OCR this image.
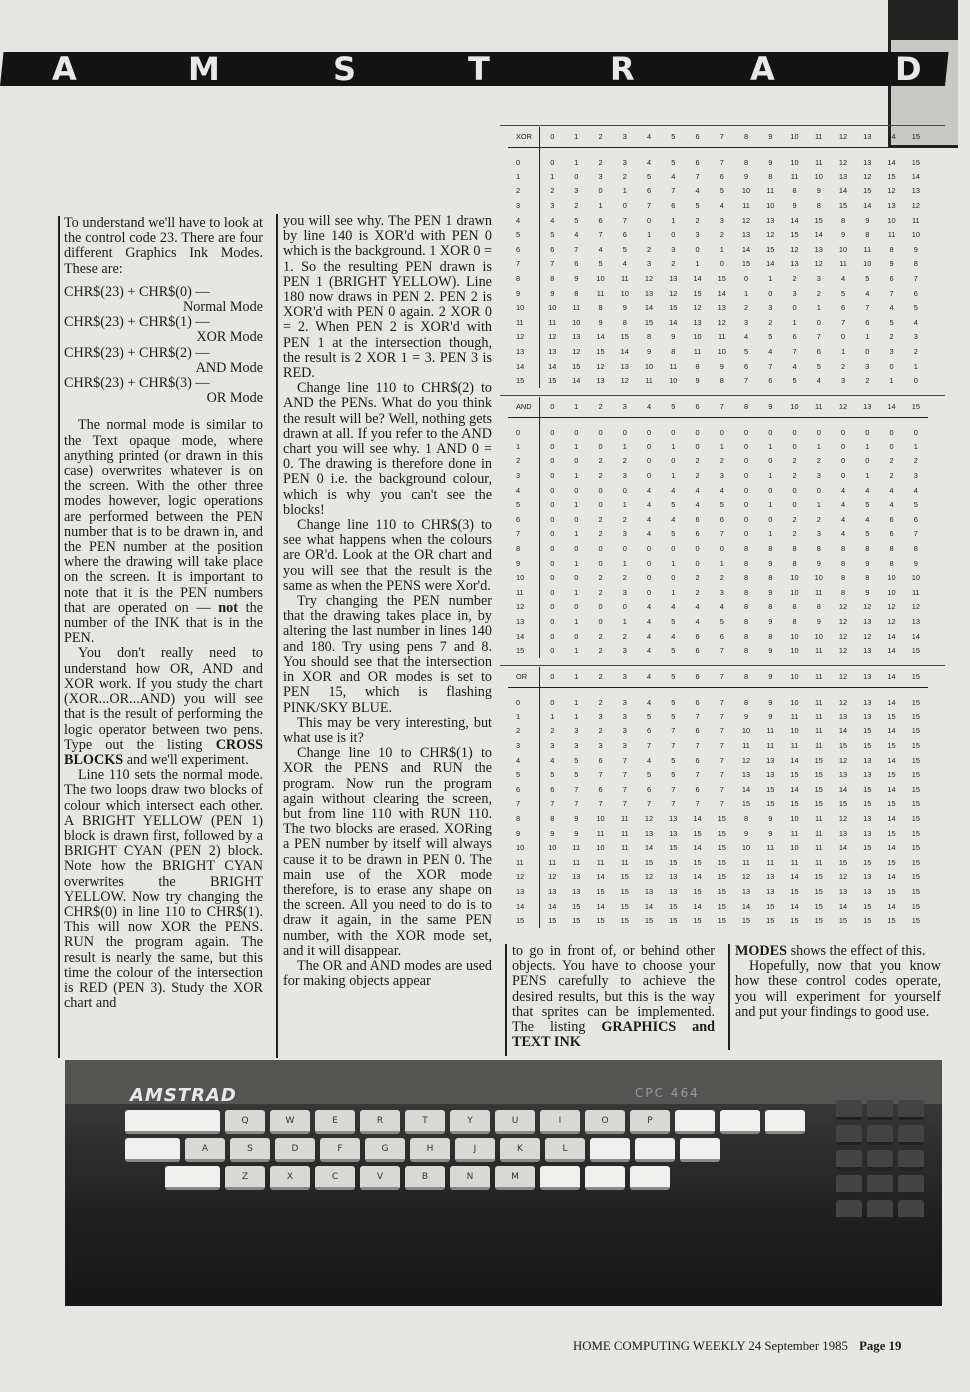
A	M	S	T	R	A	D

To understand we'll have to look at the control code 23. There are four different Graphics Ink Modes. These are:

CHR$(23) + CHR$(0) —
Normal Mode
CHR$(23) + CHR$(1) —
XOR Mode
CHR$(23) + CHR$(2) —
AND Mode
CHR$(23) + CHR$(3) —
OR Mode

The normal mode is similar to the Text opaque mode, where anything printed (or drawn in this case) overwrites whatever is on the screen. With the other three modes however, logic operations are performed between the PEN number that is to be drawn in, and the PEN number at the position where the drawing will take place on the screen. It is important to note that it is the PEN numbers that are operated on — not the number of the INK that is in the PEN.

You don't really need to understand how OR, AND and XOR work. If you study the chart (XOR...OR...AND) you will see that is the result of performing the logic operator between two pens. Type out the listing CROSS BLOCKS and we'll experiment.

Line 110 sets the normal mode. The two loops draw two blocks of colour which intersect each other. A BRIGHT YELLOW (PEN 1) block is drawn first, followed by a BRIGHT CYAN (PEN 2) block. Note how the BRIGHT CYAN overwrites the BRIGHT YELLOW. Now try changing the CHR$(0) in line 110 to CHR$(1). This will now XOR the PENS. RUN the program again. The result is nearly the same, but this time the colour of the intersection is RED (PEN 3). Study the XOR chart and

you will see why. The PEN 1 drawn by line 140 is XOR'd with PEN 0 which is the background. 1 XOR 0 = 1. So the resulting PEN drawn is PEN 1 (BRIGHT YELLOW). Line 180 now draws in PEN 2. PEN 2 is XOR'd with PEN 0 again. 2 XOR 0 = 2. When PEN 2 is XOR'd with PEN 1 at the intersection though, the result is 2 XOR 1 = 3. PEN 3 is RED.

Change line 110 to CHR$(2) to AND the PENs. What do you think the result will be? Well, nothing gets drawn at all. If you refer to the AND chart you will see why. 1 AND 0 = 0. The drawing is therefore done in PEN 0 i.e. the background colour, which is why you can't see the blocks!

Change line 110 to CHR$(3) to see what happens when the colours are OR'd. Look at the OR chart and you will see that the result is the same as when the PENS were Xor'd.

Try changing the PEN number that the drawing takes place in, by altering the last number in lines 140 and 180. Try using pens 7 and 8. You should see that the intersection in XOR and OR modes is set to PEN 15, which is flashing PINK/SKY BLUE.

This may be very interesting, but what use is it?

Change line 10 to CHR$(1) to XOR the PENS and RUN the program. Now run the program again without clearing the screen, but from line 110 with RUN 110. The two blocks are erased. XORing a PEN number by itself will always cause it to be drawn in PEN 0. The main use of the XOR mode therefore, is to erase any shape on the screen. All you need to do is to draw it again, in the same PEN number, with the XOR mode set, and it will disappear.

The OR and AND modes are used for making objects appear

XOR	0	1	2	3	4	5	6	7	8	9	10	11	12	13	14	15
0	0	1	2	3	4	5	6	7	8	9	10	11	12	13	14	15
1	1	0	3	2	5	4	7	6	9	8	11	10	13	12	15	14
2	2	3	0	1	6	7	4	5	10	11	8	9	14	15	12	13
3	3	2	1	0	7	6	5	4	11	10	9	8	15	14	13	12
4	4	5	6	7	0	1	2	3	12	13	14	15	8	9	10	11
5	5	4	7	6	1	0	3	2	13	12	15	14	9	8	11	10
6	6	7	4	5	2	3	0	1	14	15	12	13	10	11	8	9
7	7	6	5	4	3	2	1	0	15	14	13	12	11	10	9	8
8	8	9	10	11	12	13	14	15	0	1	2	3	4	5	6	7
9	9	8	11	10	13	12	15	14	1	0	3	2	5	4	7	6
10	10	11	8	9	14	15	12	13	2	3	0	1	6	7	4	5
11	11	10	9	8	15	14	13	12	3	2	1	0	7	6	5	4
12	12	13	14	15	8	9	10	11	4	5	6	7	0	1	2	3
13	13	12	15	14	9	8	11	10	5	4	7	6	1	0	3	2
14	14	15	12	13	10	11	8	9	6	7	4	5	2	3	0	1
15	15	14	13	12	11	10	9	8	7	6	5	4	3	2	1	0
AND	0	1	2	3	4	5	6	7	8	9	10	11	12	13	14	15
0	0	0	0	0	0	0	0	0	0	0	0	0	0	0	0	0
1	0	1	0	1	0	1	0	1	0	1	0	1	0	1	0	1
2	0	0	2	2	0	0	2	2	0	0	2	2	0	0	2	2
3	0	1	2	3	0	1	2	3	0	1	2	3	0	1	2	3
4	0	0	0	0	4	4	4	4	0	0	0	0	4	4	4	4
5	0	1	0	1	4	5	4	5	0	1	0	1	4	5	4	5
6	0	0	2	2	4	4	6	6	0	0	2	2	4	4	6	6
7	0	1	2	3	4	5	6	7	0	1	2	3	4	5	6	7
8	0	0	0	0	0	0	0	0	8	8	8	8	8	8	8	8
9	0	1	0	1	0	1	0	1	8	9	8	9	8	9	8	9
10	0	0	2	2	0	0	2	2	8	8	10	10	8	8	10	10
11	0	1	2	3	0	1	2	3	8	9	10	11	8	9	10	11
12	0	0	0	0	4	4	4	4	8	8	8	8	12	12	12	12
13	0	1	0	1	4	5	4	5	8	9	8	9	12	13	12	13
14	0	0	2	2	4	4	6	6	8	8	10	10	12	12	14	14
15	0	1	2	3	4	5	6	7	8	9	10	11	12	13	14	15
OR	0	1	2	3	4	5	6	7	8	9	10	11	12	13	14	15
0	0	1	2	3	4	5	6	7	8	9	10	11	12	13	14	15
1	1	1	3	3	5	5	7	7	9	9	11	11	13	13	15	15
2	2	3	2	3	6	7	6	7	10	11	10	11	14	15	14	15
3	3	3	3	3	7	7	7	7	11	11	11	11	15	15	15	15
4	4	5	6	7	4	5	6	7	12	13	14	15	12	13	14	15
5	5	5	7	7	5	5	7	7	13	13	15	15	13	13	15	15
6	6	7	6	7	6	7	6	7	14	15	14	15	14	15	14	15
7	7	7	7	7	7	7	7	7	15	15	15	15	15	15	15	15
8	8	9	10	11	12	13	14	15	8	9	10	11	12	13	14	15
9	9	9	11	11	13	13	15	15	9	9	11	11	13	13	15	15
10	10	11	10	11	14	15	14	15	10	11	10	11	14	15	14	15
11	11	11	11	11	15	15	15	15	11	11	11	11	15	15	15	15
12	12	13	14	15	12	13	14	15	12	13	14	15	12	13	14	15
13	13	13	15	15	13	13	15	15	13	13	15	15	13	13	15	15
14	14	15	14	15	14	15	14	15	14	15	14	15	14	15	14	15
15	15	15	15	15	15	15	15	15	15	15	15	15	15	15	15	15

to go in front of, or behind other objects. You have to choose your PENS carefully to achieve the desired results, but this is the way that sprites can be implemented. The listing GRAPHICS and TEXT INK

MODES shows the effect of this.

Hopefully, now that you know how these control codes operate, you will experiment for yourself and put your findings to good use.

AMSTRAD	CPC 464
Q	W	E	R	T	Y	U	I	O	P
A	S	D	F	G	H	J	K	L
Z	X	C	V	B	N	M
HOME COMPUTING WEEKLY 24 September 1985 Page 19
